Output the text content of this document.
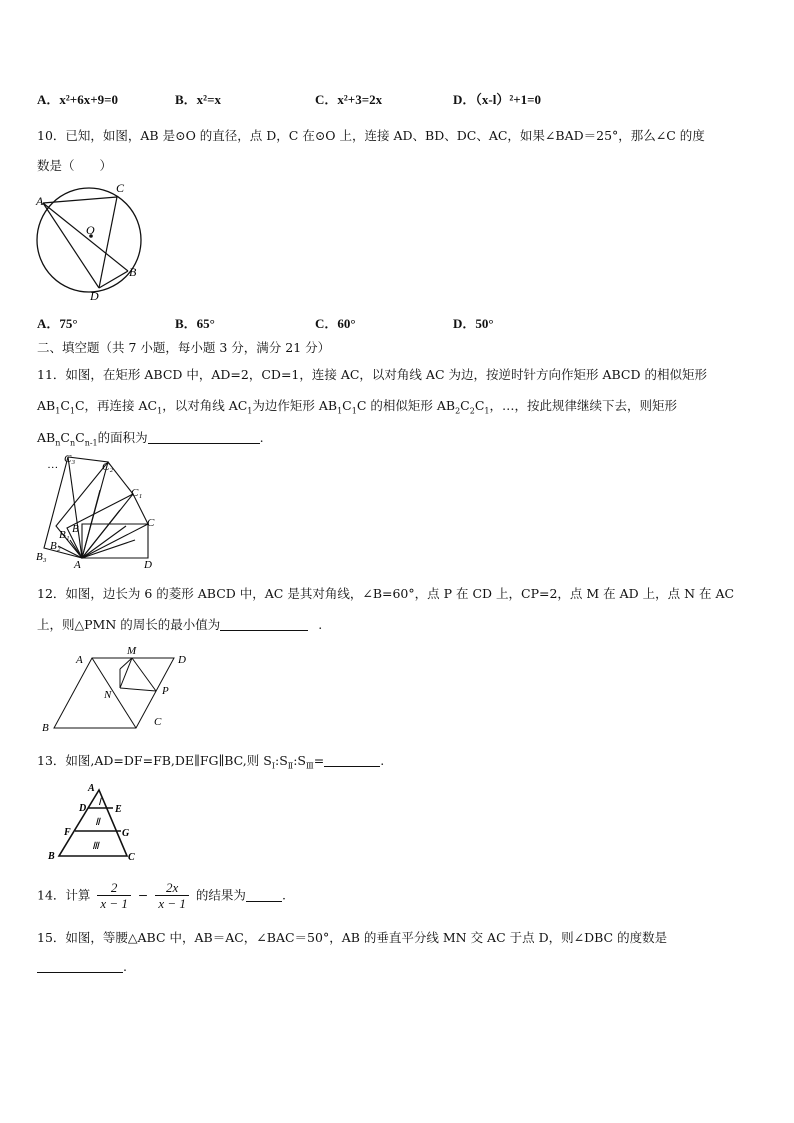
A．x²+6x+9=0	B．x²=x	C．x²+3=2x	D．（x-l）²+1=0
10．已知，如图，AB 是⊙O 的直径，点 D，C 在⊙O 上，连接 AD、BD、DC、AC，如果∠BAD＝25°，那么∠C 的度
数是（　　）
A
C
O
B
D
A．75°	B．65°	C．60°	D．50°
二、填空题（共 7 小题，每小题 3 分，满分 21 分）
11．如图，在矩形 ABCD 中，AD=2，CD=1，连接 AC，以对角线 AC 为边，按逆时针方向作矩形 ABCD 的相似矩形
$AB_1C_1C$，再连接 $AC_1$，以对角线 $AC_1$为边作矩形 $AB_1C_1C$ 的相似矩形 $AB_2C_2C_1$，…，按此规律继续下去，则矩形
$AB_nC_nC_{n-1}$的面积为	.
… C₃
C₂
C₁
C
B
B₁
B₂
B₃
A	D
12．如图，边长为 6 的菱形 ABCD 中，AC 是其对角线，∠B=60°，点 P 在 CD 上，CP=2，点 M 在 AD 上，点 N 在 AC
上，则△PMN 的周长的最小值为	.
A
M
D
N	P
B	C
13．如图,AD=DF=FB,DE∥FG∥BC,则 $S_Ⅰ:S_Ⅱ:S_Ⅲ=$	.
A
D	E
F	G
B	C
Ⅰ
Ⅱ
Ⅲ
14．计算 $\frac{2}{x - 1} - \frac{2x}{x - 1}$ 的结果为	.
15．如图，等腰△ABC 中，AB＝AC，∠BAC＝50°，AB 的垂直平分线 MN 交 AC 于点 D，则∠DBC 的度数是
.
